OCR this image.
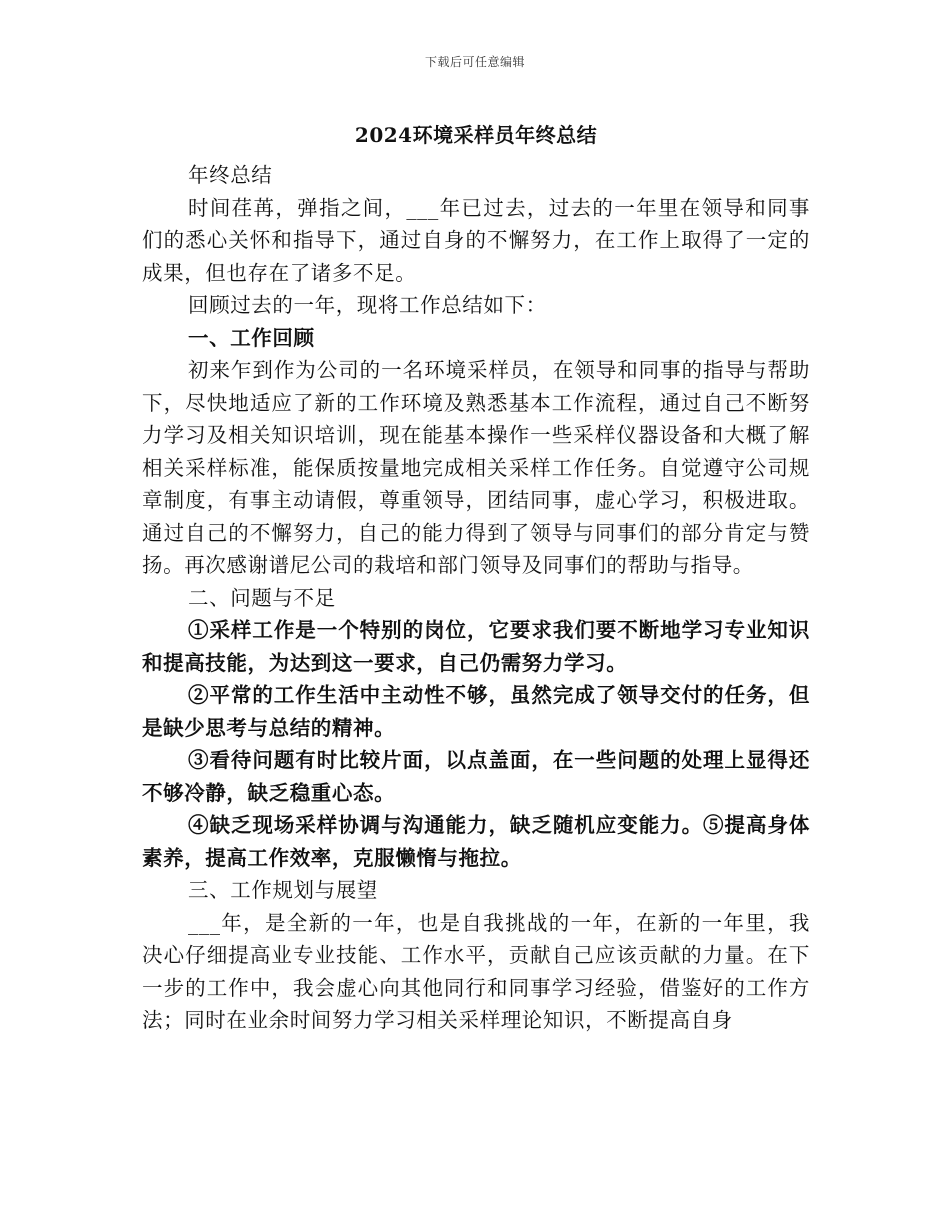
下载后可任意编辑
2024环境采样员年终总结

年终总结

时间荏苒，弹指之间，___年已过去，过去的一年里在领导和同事们的悉心关怀和指导下，通过自身的不懈努力，在工作上取得了一定的成果，但也存在了诸多不足。

回顾过去的一年，现将工作总结如下：

一、工作回顾

初来乍到作为公司的一名环境采样员，在领导和同事的指导与帮助下，尽快地适应了新的工作环境及熟悉基本工作流程，通过自己不断努力学习及相关知识培训，现在能基本操作一些采样仪器设备和大概了解相关采样标准，能保质按量地完成相关采样工作任务。自觉遵守公司规章制度，有事主动请假，尊重领导，团结同事，虚心学习，积极进取。通过自己的不懈努力，自己的能力得到了领导与同事们的部分肯定与赞扬。再次感谢谱尼公司的栽培和部门领导及同事们的帮助与指导。

二、问题与不足

①采样工作是一个特别的岗位，它要求我们要不断地学习专业知识和提高技能，为达到这一要求，自己仍需努力学习。

②平常的工作生活中主动性不够，虽然完成了领导交付的任务，但是缺少思考与总结的精神。

③看待问题有时比较片面，以点盖面，在一些问题的处理上显得还不够冷静，缺乏稳重心态。

④缺乏现场采样协调与沟通能力，缺乏随机应变能力。⑤提高身体素养，提高工作效率，克服懒惰与拖拉。

三、工作规划与展望

___年，是全新的一年，也是自我挑战的一年，在新的一年里，我决心仔细提高业专业技能、工作水平，贡献自己应该贡献的力量。在下一步的工作中，我会虚心向其他同行和同事学习经验，借鉴好的工作方法；同时在业余时间努力学习相关采样理论知识，不断提高自身
